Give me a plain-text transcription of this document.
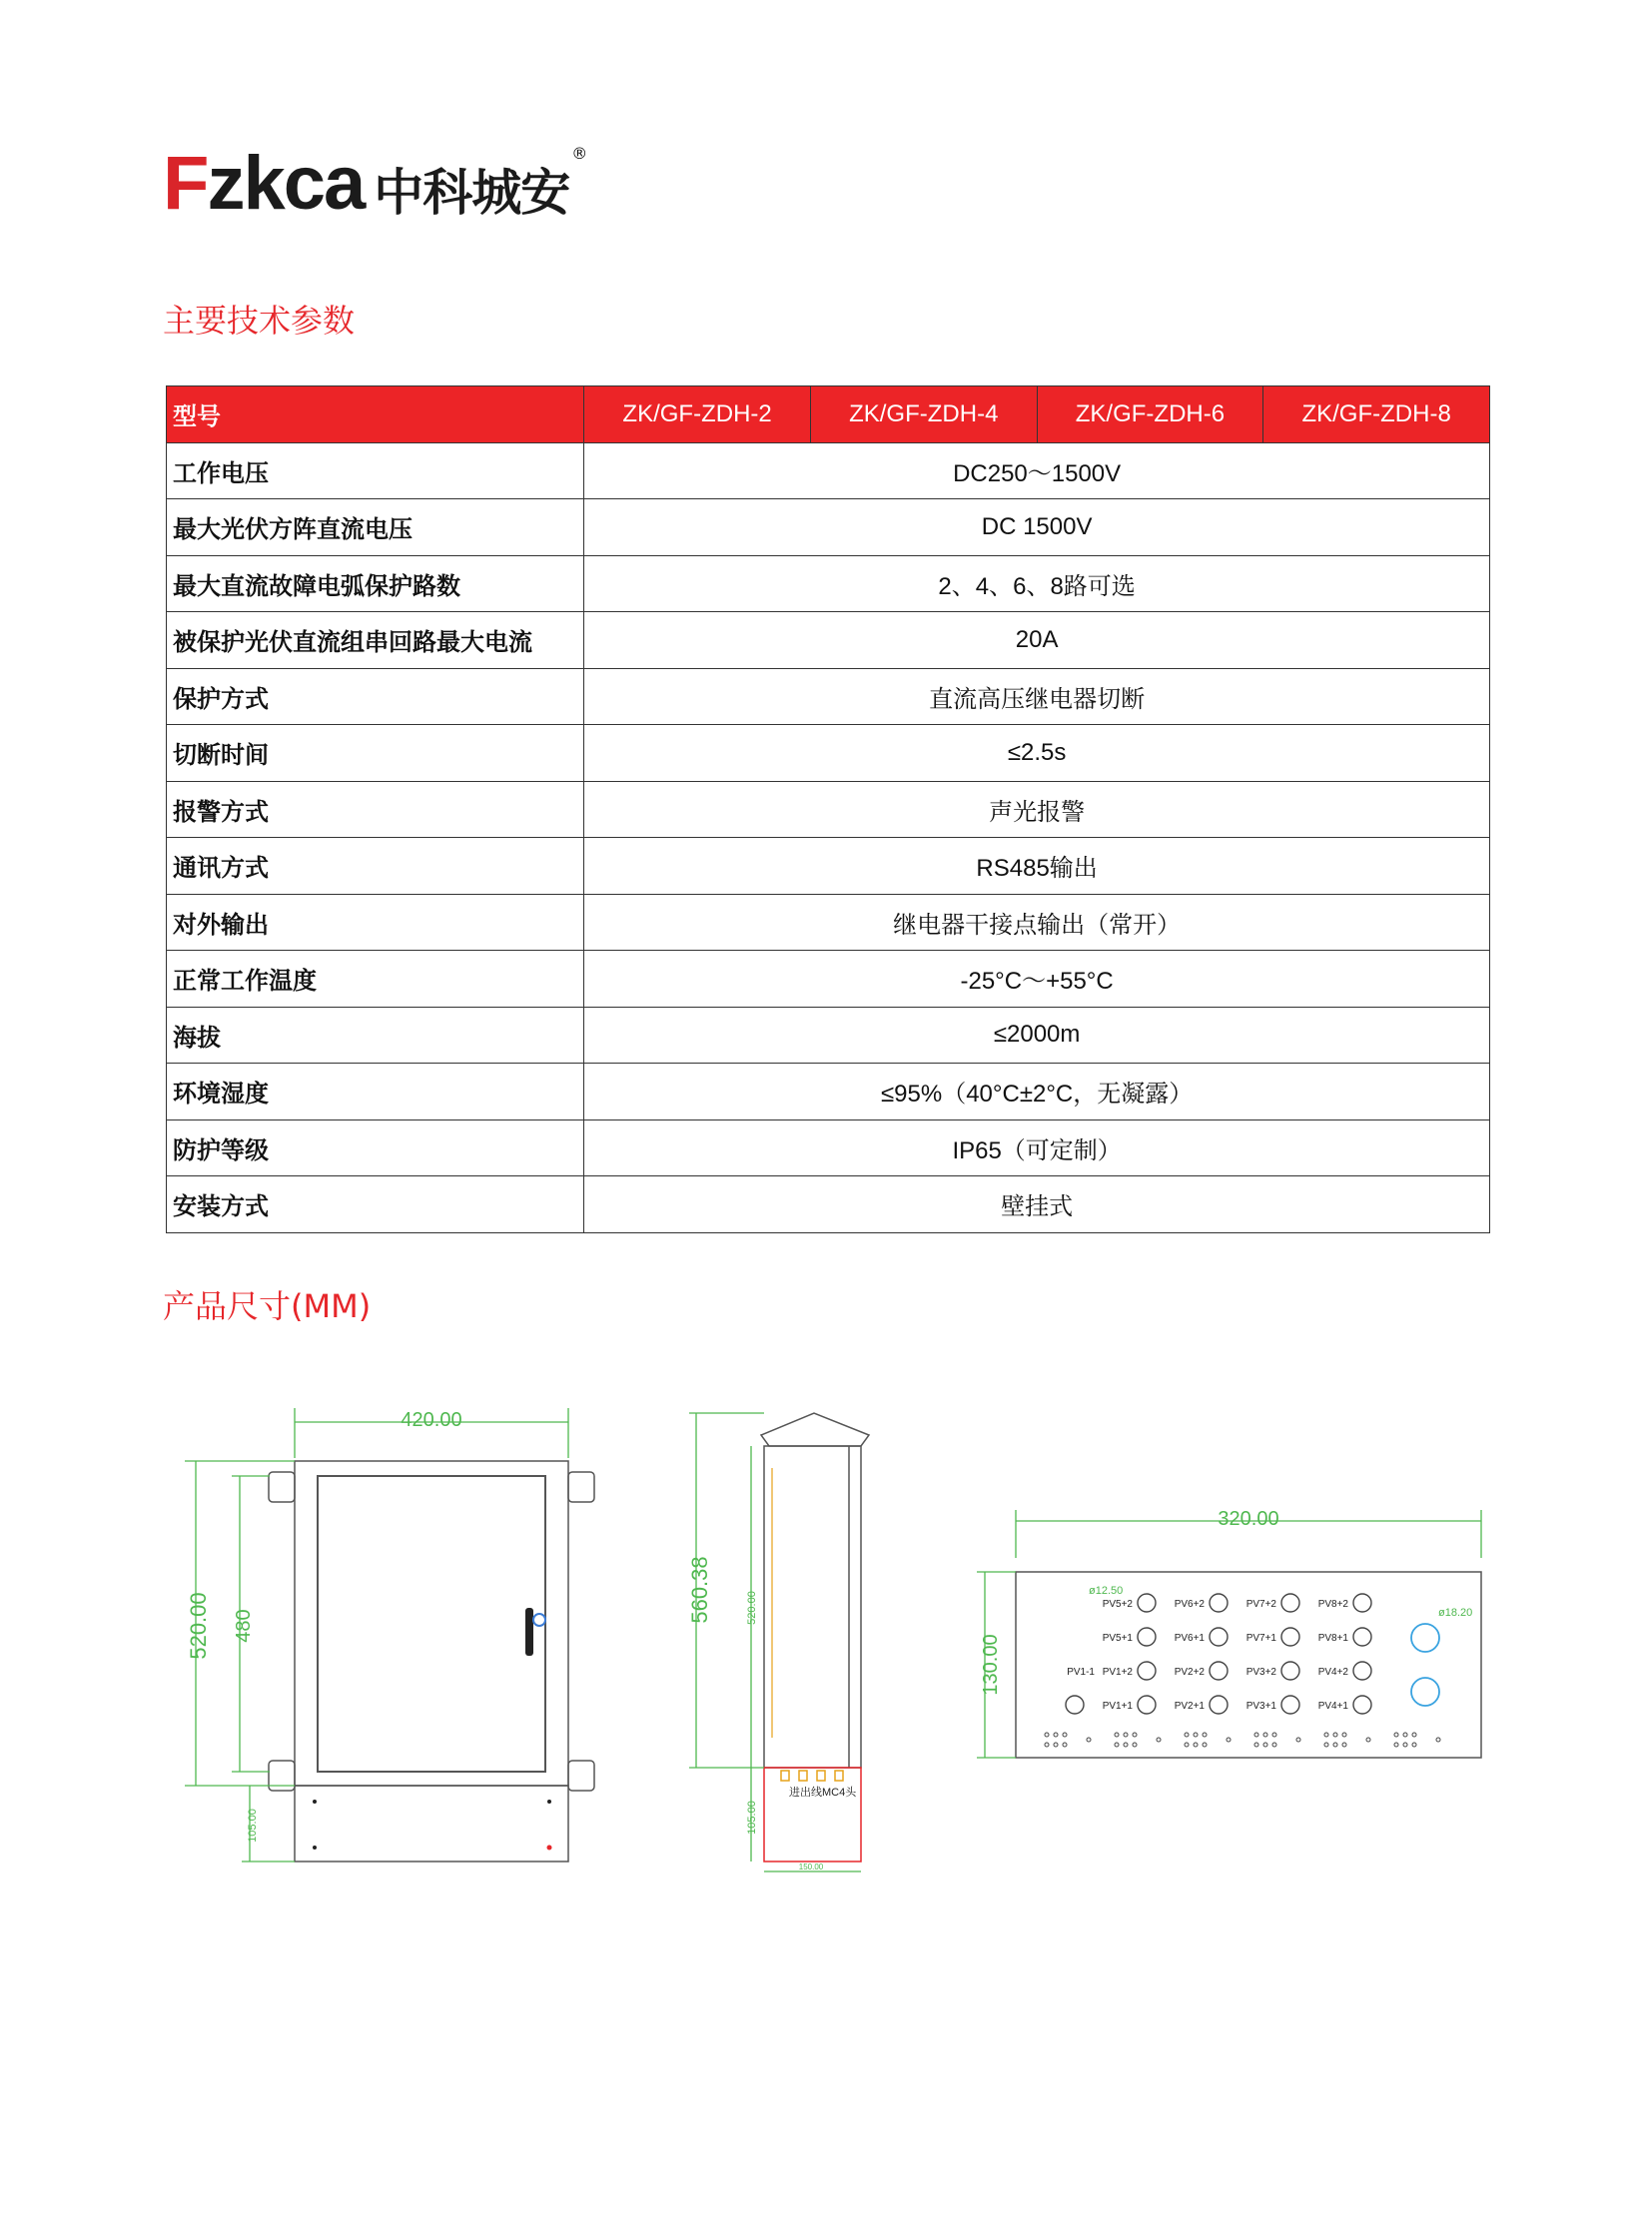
Fzkca 中科城安
®
主要技术参数
型号	ZK/GF-ZDH-2	ZK/GF-ZDH-4	ZK/GF-ZDH-6	ZK/GF-ZDH-8
工作电压	DC250～1500V			
最大光伏方阵直流电压	DC 1500V			
最大直流故障电弧保护路数	2、4、6、8路可选			
被保护光伏直流组串回路最大电流	20A			
保护方式	直流高压继电器切断			
切断时间	≤2.5s			
报警方式	声光报警			
通讯方式	RS485输出			
对外输出	继电器干接点输出（常开）			
正常工作温度	-25°C～+55°C			
海拔	≤2000m			
环境湿度	≤95%（40°C±2°C，无凝露）			
防护等级	IP65（可定制）			
安装方式	壁挂式			
产品尺寸(MM)
420.00
520.00 480
105.00
进出线MC4头
560.38	520.00
105.00
150.00
320.00
130.00
ø12.50
ø18.20
PV5+2	PV6+2	PV7+2	PV8+2
PV5+1	PV6+1	PV7+1	PV8+1
PV1-1 PV1+2	PV2+2	PV3+2	PV4+2
PV1+1	PV2+1	PV3+1	PV4+1
